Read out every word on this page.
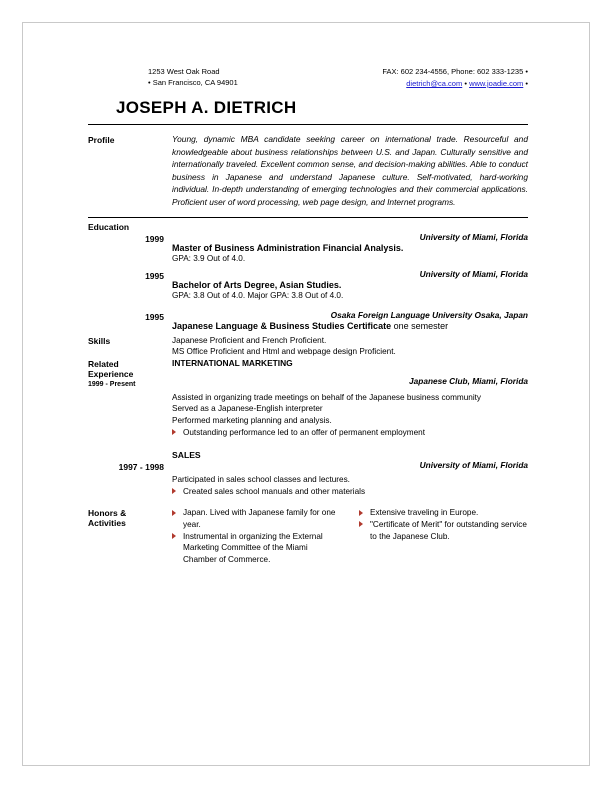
1253 West Oak Road
• San Francisco, CA 94901
FAX: 602 234-4556, Phone: 602 333-1235 •
dietrich@ca.com • www.joadie.com •
JOSEPH A. DIETRICH
Profile	Young, dynamic MBA candidate seeking career on international trade. Resourceful and knowledgeable about business relationships between U.S. and Japan. Culturally sensitive and internationally traveled. Excellent common sense, and decision-making abilities. Able to conduct business in Japanese and understand Japanese culture. Self-motivated, hard-working individual. In-depth understanding of emerging technologies and their commercial applications. Proficient user of word processing, web page design, and Internet programs.
Education
1999	University of Miami, Florida
Master of Business Administration Financial Analysis.
GPA: 3.9 Out of 4.0.
1995	University of Miami, Florida
Bachelor of Arts Degree, Asian Studies.
GPA: 3.8 Out of 4.0. Major GPA: 3.8 Out of 4.0.
1995	Osaka Foreign Language University Osaka, Japan
Japanese Language & Business Studies Certificate one semester
Skills	Japanese Proficient and French Proficient.
MS Office Proficient and Html and webpage design Proficient.
Related
Experience
1999 - Present
INTERNATIONAL MARKETING
Japanese Club, Miami, Florida
Assisted in organizing trade meetings on behalf of the Japanese business community
Served as a Japanese-English interpreter
Performed marketing planning and analysis.
Outstanding performance led to an offer of permanent employment
SALES
1997 - 1998	University of Miami, Florida
Participated in sales school classes and lectures.
Created sales school manuals and other materials
Honors &
Activities
Japan. Lived with Japanese family for one year.
Instrumental in organizing the External Marketing Committee of the Miami Chamber of Commerce.
Extensive traveling in Europe.
"Certificate of Merit" for outstanding service to the Japanese Club.
